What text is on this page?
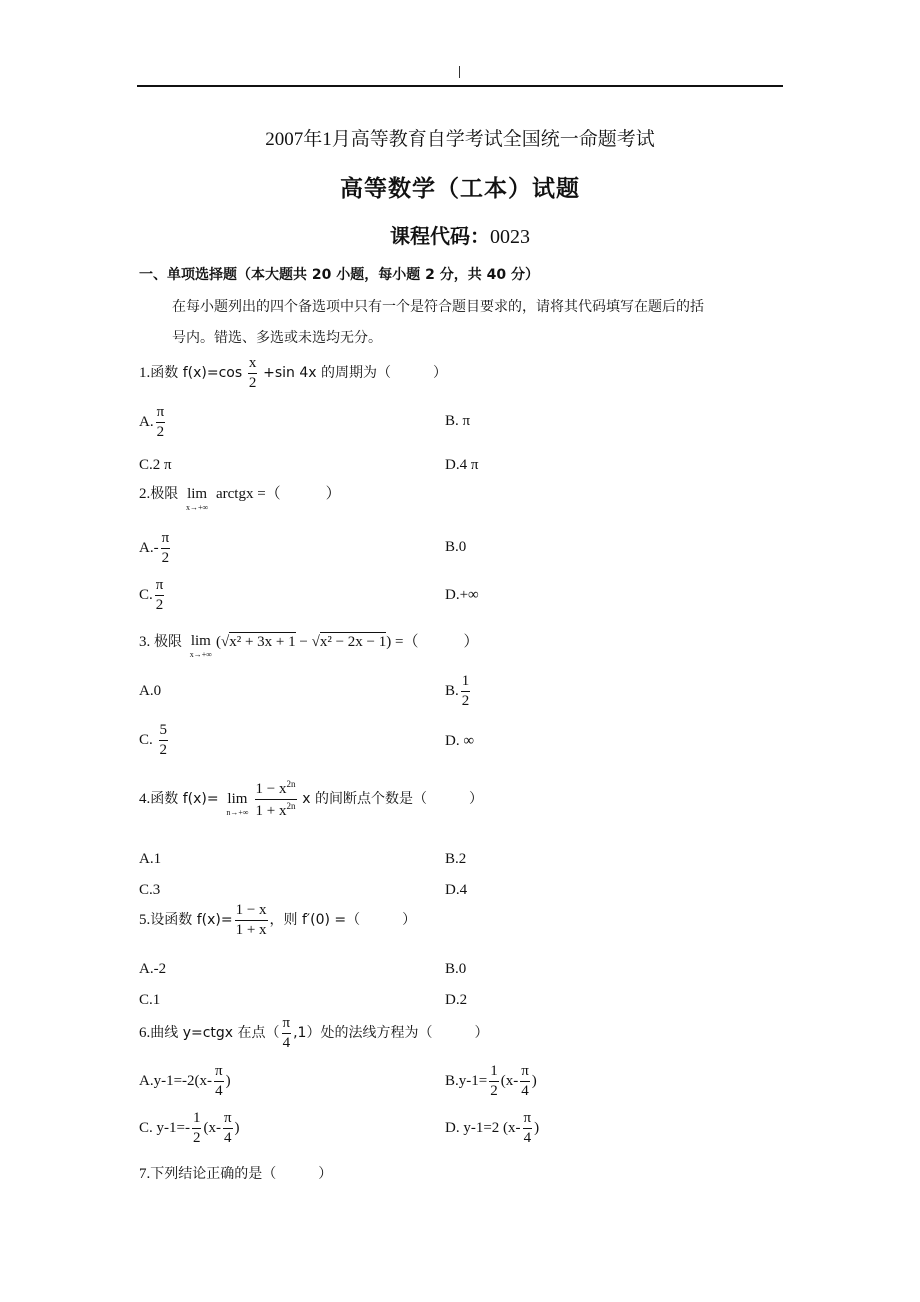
2007年1月高等教育自学考试全国统一命题考试
高等数学（工本）试题
课程代码：0023
一、单项选择题（本大题共 20 小题，每小题 2 分，共 40 分）
在每小题列出的四个备选项中只有一个是符合题目要求的，请将其代码填写在题后的括
号内。错选、多选或未选均无分。
1.函数 $f(x)=\cos \frac{x}{2} +\sin$ 4x 的周期为（　　　）
A. $\frac{\pi}{2}$	B. π
C.2 π	D.4 π
2.极限 lim
x→+∞
arctgx =（　　　）
$A.- \frac{\pi}{2}$	B.0
C. $\frac{\pi}{2}$	D.+∞
3. 极限 lim
x→+∞
(√x² + 3x + 1 − √x² − 2x − 1) =（　　　）
A.0	B. $\frac{1}{2}$
C. $\frac{5}{2}$	D. ∞
4.函数 f(x)= lim
$n\to+\infty \frac{1 - x^{2n}}{1 + x^{2n}}$ x 的间断点个数是（　　　）
A.1	B.2
C.3	D.4
5.设函数 $f(x)= \frac{1 - x}{1 + x}$ ，则 f′(0) =（　　　）
A.-2	B.0
C.1	D.2
6.曲线 y=ctgx 在点（ $\frac{\pi}{4} ,1$）处的法线方程为（　　　）
$A.y-1=-2(x- \frac{\pi}{4}$ )	$B.y-1= \frac{1}{2} (x- \frac{\pi}{4}$ )
C. $y-1=- \frac{1}{2} (x- \frac{\pi}{4}$ )	D. y-1=2 ($x- \frac{\pi}{4}$ )
7.下列结论正确的是（　　　）
